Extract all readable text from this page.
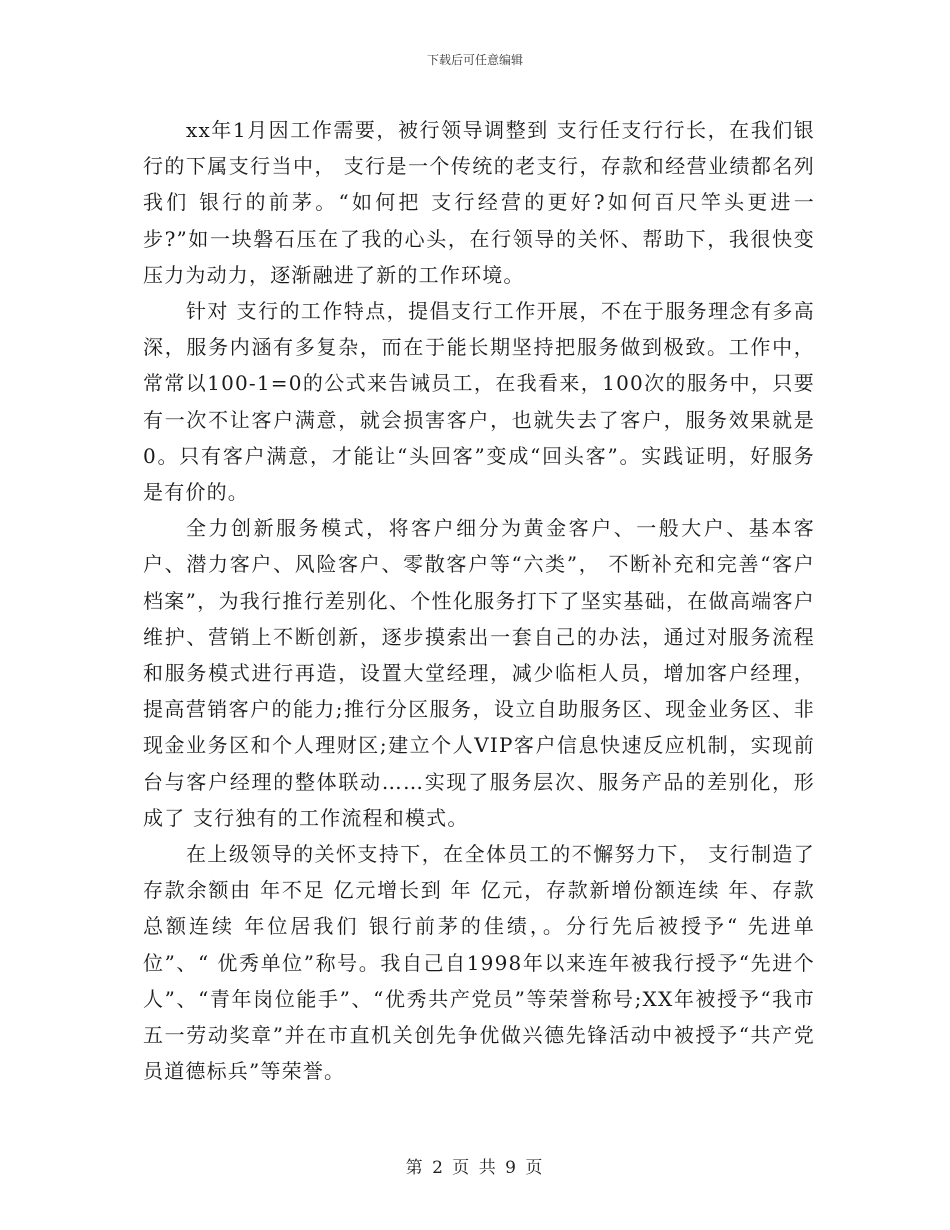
下载后可任意编辑

xx年1月因工作需要，被行领导调整到 支行任支行行长，在我们银行的下属支行当中， 支行是一个传统的老支行，存款和经营业绩都名列我们 银行的前茅。“如何把 支行经营的更好?如何百尺竿头更进一步?”如一块磐石压在了我的心头，在行领导的关怀、帮助下，我很快变压力为动力，逐渐融进了新的工作环境。

针对 支行的工作特点，提倡支行工作开展，不在于服务理念有多高深，服务内涵有多复杂，而在于能长期坚持把服务做到极致。工作中，常常以100-1=0的公式来告诫员工，在我看来，100次的服务中，只要有一次不让客户满意，就会损害客户，也就失去了客户，服务效果就是0。只有客户满意，才能让“头回客”变成“回头客”。实践证明，好服务是有价的。

全力创新服务模式，将客户细分为黄金客户、一般大户、基本客户、潜力客户、风险客户、零散客户等“六类”， 不断补充和完善“客户档案”，为我行推行差别化、个性化服务打下了坚实基础，在做高端客户维护、营销上不断创新，逐步摸索出一套自己的办法，通过对服务流程和服务模式进行再造，设置大堂经理，减少临柜人员，增加客户经理，提高营销客户的能力;推行分区服务，设立自助服务区、现金业务区、非现金业务区和个人理财区;建立个人VIP客户信息快速反应机制，实现前台与客户经理的整体联动……实现了服务层次、服务产品的差别化，形成了 支行独有的工作流程和模式。

在上级领导的关怀支持下，在全体员工的不懈努力下， 支行制造了存款余额由 年不足 亿元增长到 年 亿元，存款新增份额连续 年、存款总额连续 年位居我们 银行前茅的佳绩，。分行先后被授予“ 先进单位”、“ 优秀单位”称号。我自己自1998年以来连年被我行授予“先进个人”、“青年岗位能手”、“优秀共产党员”等荣誉称号;XX年被授予“我市五一劳动奖章”并在市直机关创先争优做兴德先锋活动中被授予“共产党员道德标兵”等荣誉。

第 2 页 共 9 页
